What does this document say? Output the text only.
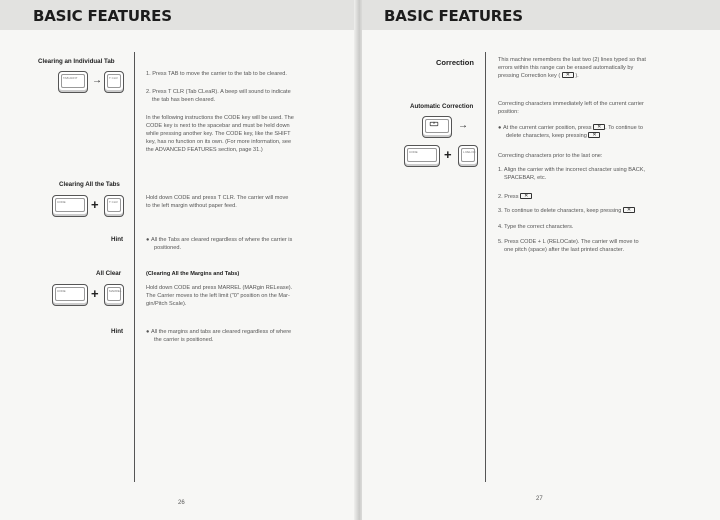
BASIC FEATURES
Clearing an Individual Tab
TAB ADNT → T CLR
1. Press TAB to move the carrier to the tab to be cleared.
2. Press T CLR (Tab CLeaR). A beep will sound to indicate
the tab has been cleared.
In the following instructions the CODE key will be used. The
CODE key is next to the spacebar and must be held down
while pressing another key. The CODE key, like the SHIFT
key, has no function on its own. (For more information, see
the ADVANCED FEATURES section, page 31.)
Clearing All the Tabs
CODE +	T CLR
Hold down CODE and press T CLR. The carrier will move
to the left margin without paper feed.
Hint	● All the Tabs are cleared regardless of where the carrier is
positioned.
All Clear
CODE +	MARREL
(Clearing All the Margins and Tabs)
Hold down CODE and press MARREL (MARgin RELease).
The Carrier moves to the left limit ("0" position on the Mar-
gin/Pitch Scale).
Hint	● All the margins and tabs are cleared regardless of where
the carrier is positioned.
26
BASIC FEATURES
Correction	This machine remembers the last two (2) lines typed so that
errors within this range can be erased automatically by
pressing Correction key ( ✕	).
Automatic Correction
✕
→
CODE +	L RELOC
Correcting characters immediately left of the current carrier
position:
● At the current carrier position, press ✕ . To continue to
delete characters, keep pressing ✕
Correcting characters prior to the last one:
1. Align the carrier with the incorrect character using BACK,
SPACEBAR, etc.
2. Press ✕
3. To continue to delete characters, keep pressing ✕
4. Type the correct characters.
5. Press CODE + L (RELOCate). The carrier will move to
one pitch (space) after the last printed character.
27
